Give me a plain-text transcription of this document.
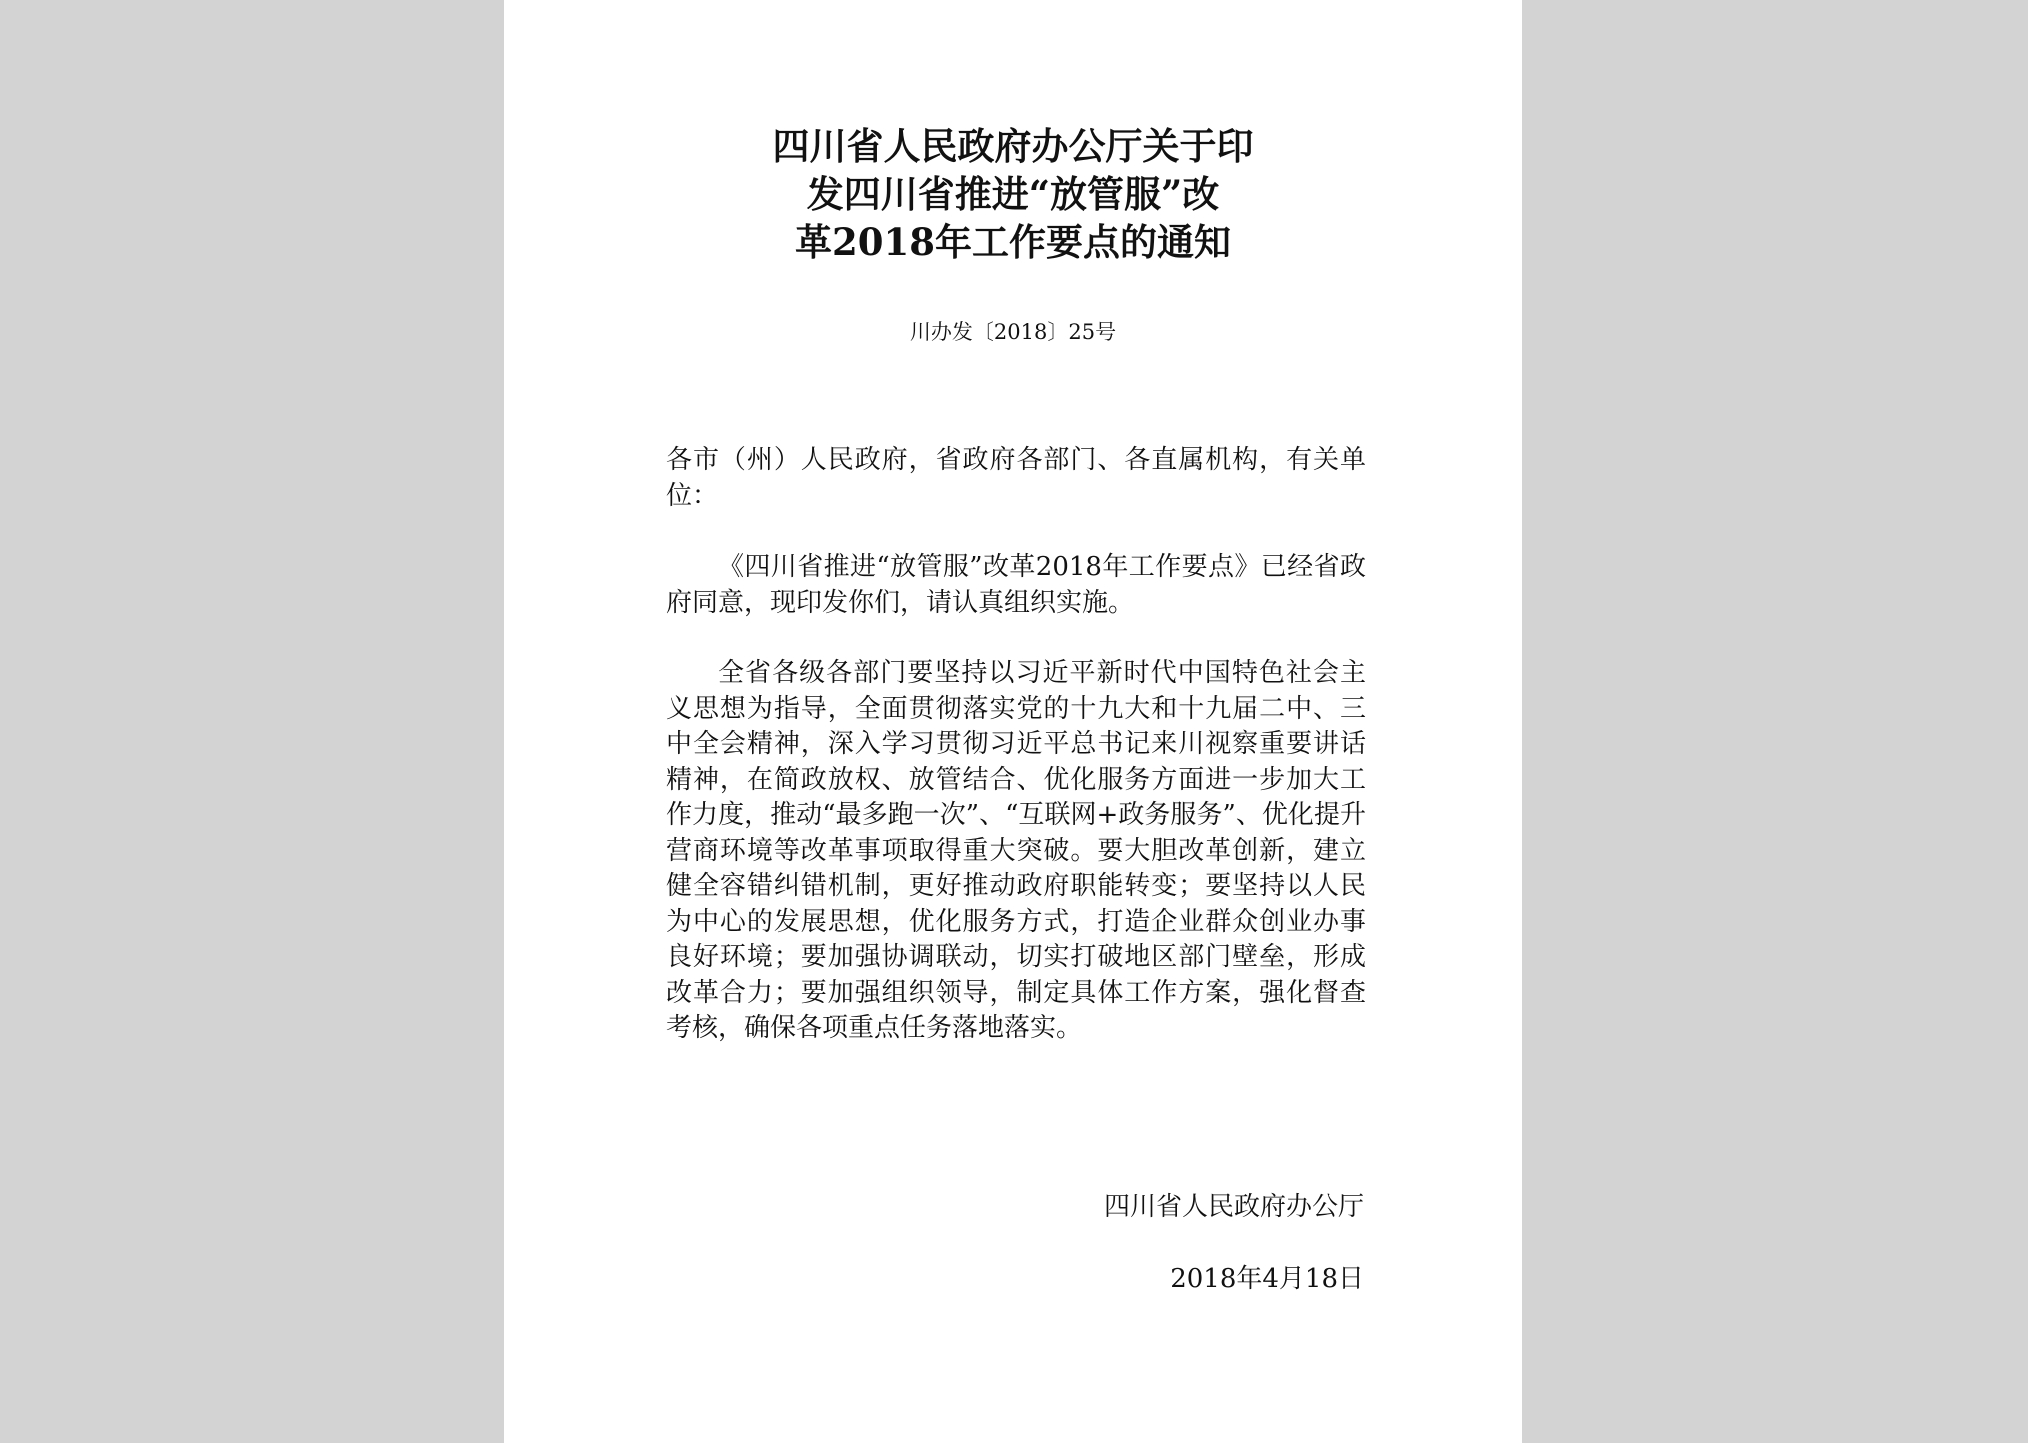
四川省人民政府办公厅关于印
发四川省推进“放管服”改
革2018年工作要点的通知
川办发〔2018〕25号
各市（州）人民政府，省政府各部门、各直属机构，有关单位：
《四川省推进“放管服”改革2018年工作要点》已经省政府同意，现印发你们，请认真组织实施。
全省各级各部门要坚持以习近平新时代中国特色社会主义思想为指导，全面贯彻落实党的十九大和十九届二中、三中全会精神，深入学习贯彻习近平总书记来川视察重要讲话精神，在简政放权、放管结合、优化服务方面进一步加大工作力度，推动“最多跑一次”、“互联网+政务服务”、优化提升营商环境等改革事项取得重大突破。要大胆改革创新，建立健全容错纠错机制，更好推动政府职能转变；要坚持以人民为中心的发展思想，优化服务方式，打造企业群众创业办事良好环境；要加强协调联动，切实打破地区部门壁垒，形成改革合力；要加强组织领导，制定具体工作方案，强化督查考核，确保各项重点任务落地落实。
四川省人民政府办公厅
2018年4月18日
